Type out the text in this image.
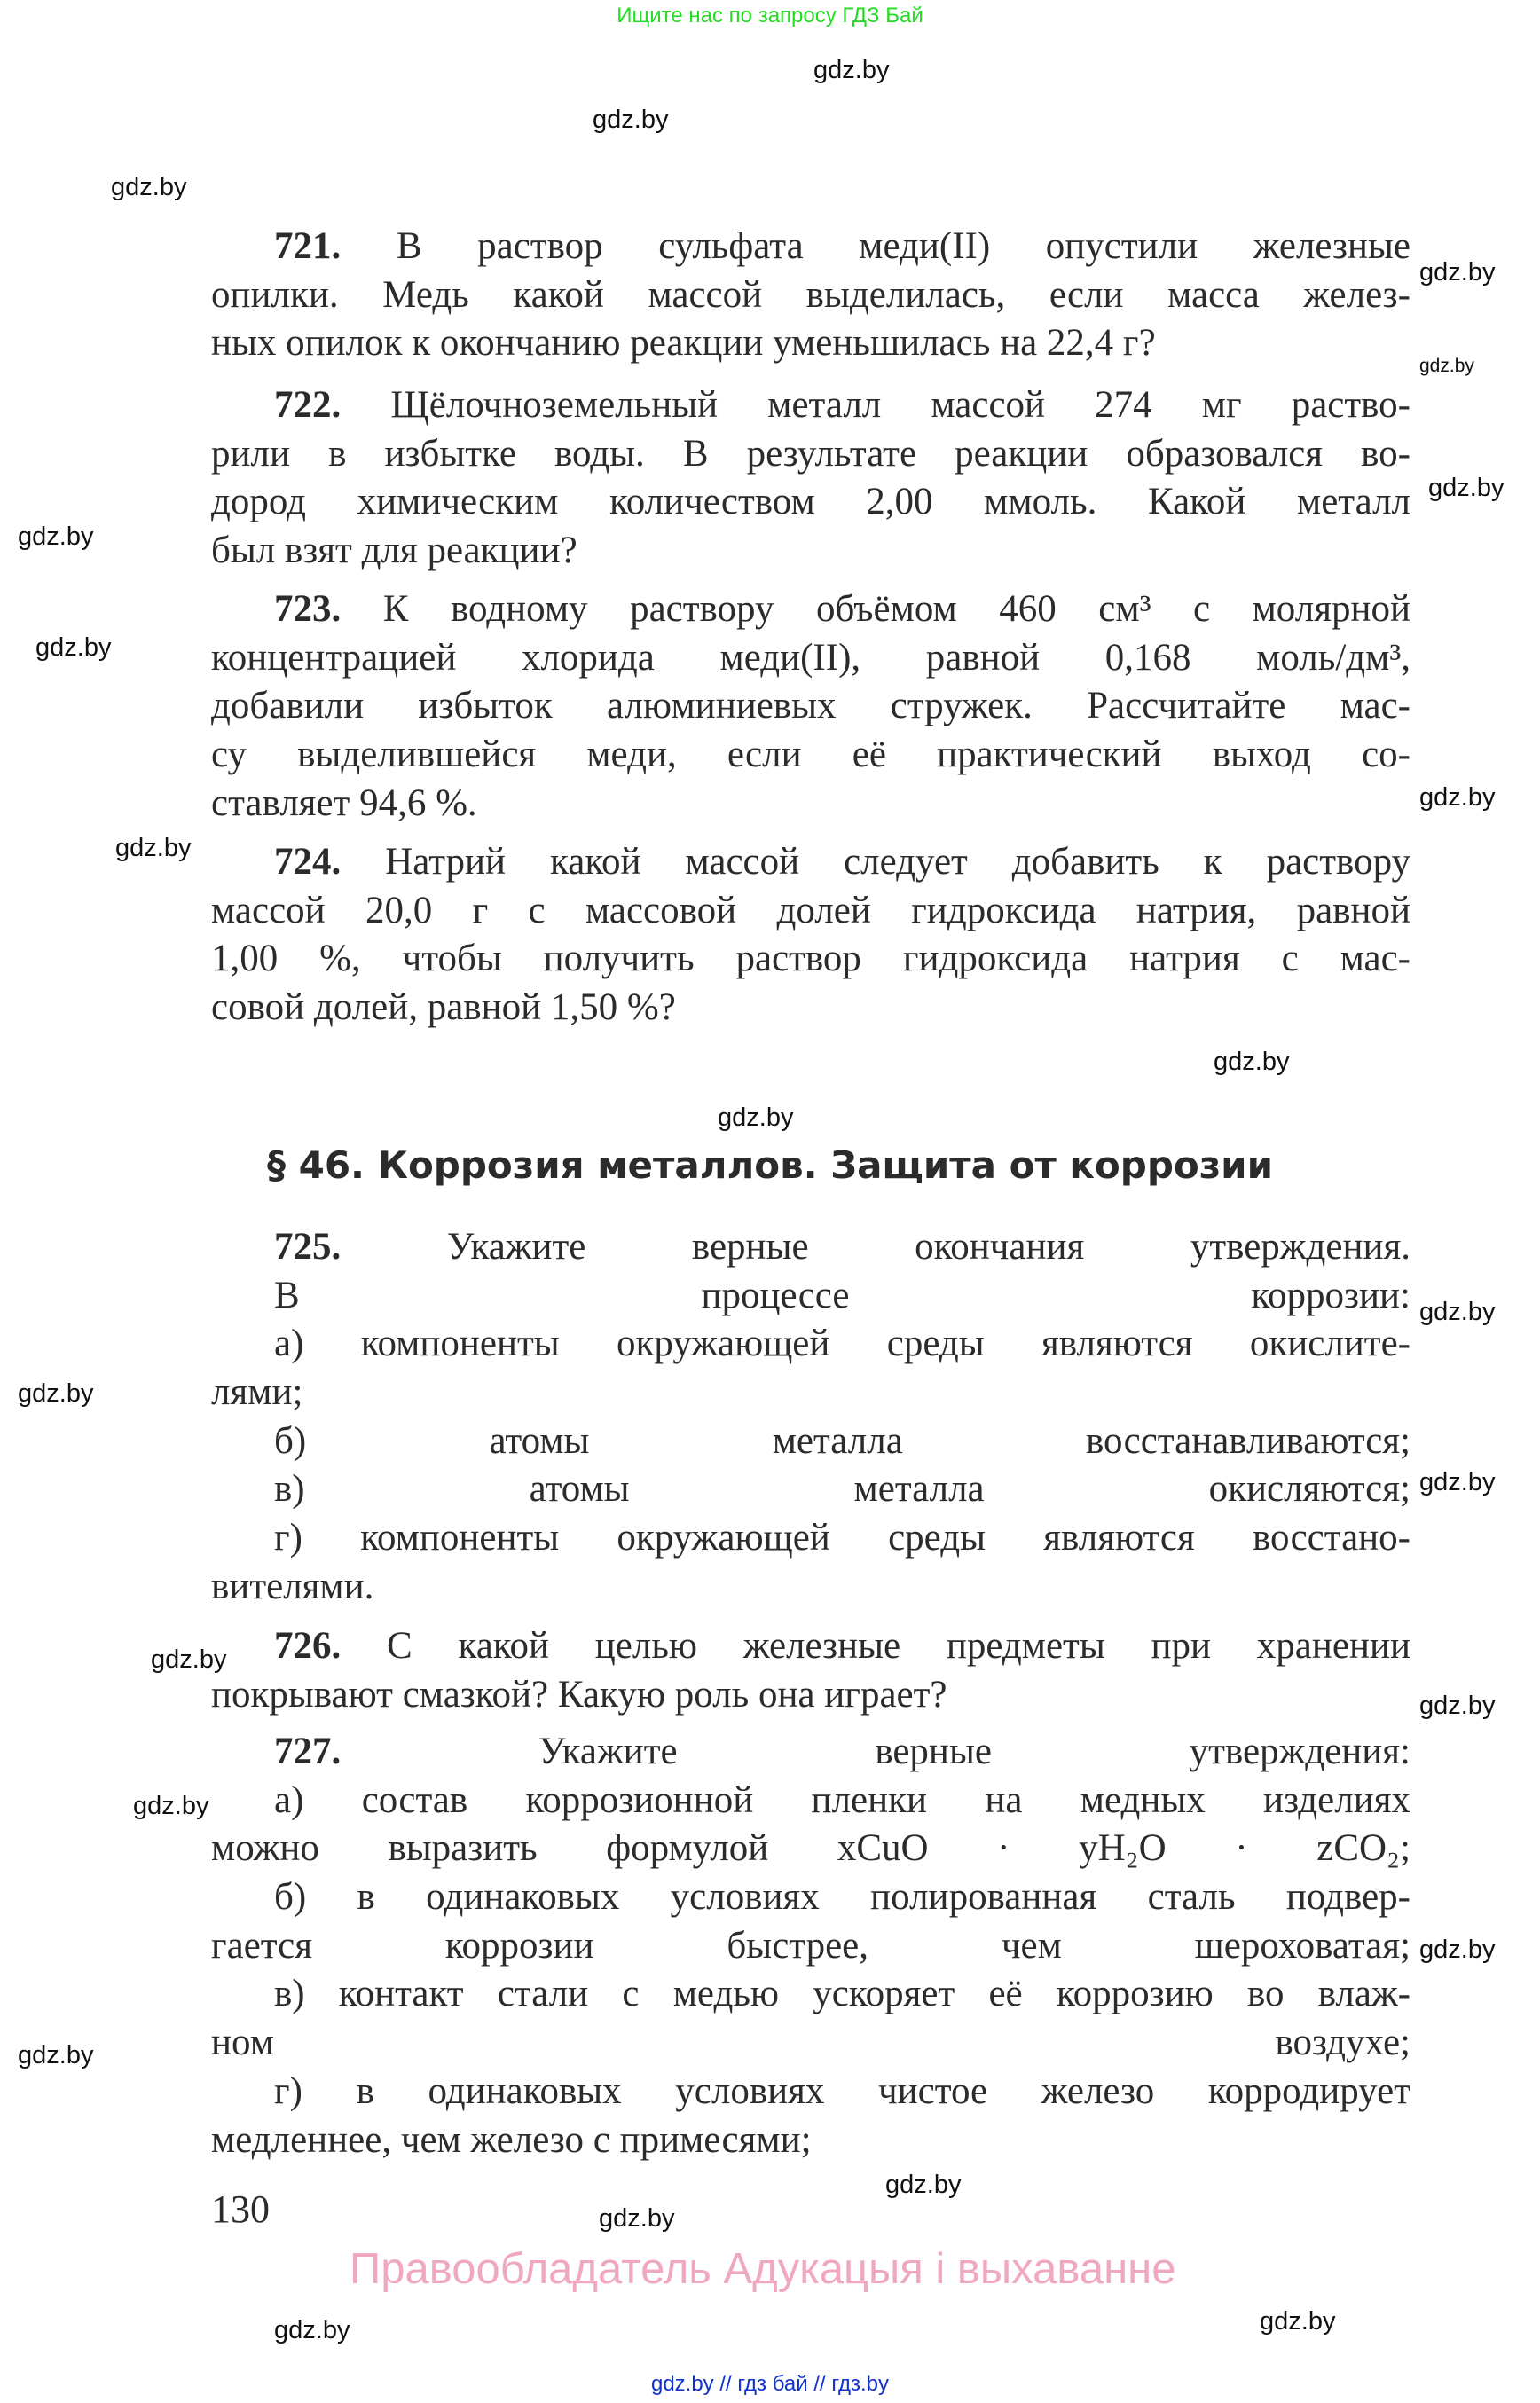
Ищите нас по запросу ГДЗ Бай
§ 46. Коррозия металлов. Защита от коррозии
130
Правообладатель Адукацыя і выхаванне
gdz.by // гдз бай // гдз.by
721. В раствор сульфата меди(II) опустили железные
опилки. Медь какой массой выделилась, если масса желез-
ных опилок к окончанию реакции уменьшилась на 22,4 г?
722. Щёлочноземельный металл массой 274 мг раство-
рили в избытке воды. В результате реакции образовался во-
дород химическим количеством 2,00 ммоль. Какой металл
был взят для реакции?
723. К водному раствору объёмом 460 см³ с молярной
концентрацией хлорида меди(II), равной 0,168 моль/дм³,
добавили избыток алюминиевых стружек. Рассчитайте мас-
су выделившейся меди, если её практический выход со-
ставляет 94,6 %.
724. Натрий какой массой следует добавить к раствору
массой 20,0 г с массовой долей гидроксида натрия, равной
1,00 %, чтобы получить раствор гидроксида натрия с мас-
совой долей, равной 1,50 %?
725.	Укажите верные окончания утверждения.
В процессе коррозии:
а) компоненты окружающей среды являются окислите-
лями;
б) атомы металла восстанавливаются;
в) атомы металла окисляются;
г) компоненты окружающей среды являются восстано-
вителями.
726. С какой целью железные предметы при хранении
покрывают смазкой? Какую роль она играет?
727.	Укажите верные утверждения:
а) состав коррозионной пленки на медных изделиях
можно выразить формулой xCuO · yH₂O · zCO₂;
б) в одинаковых условиях полированная сталь подвер-
гается коррозии быстрее, чем шероховатая;
в) контакт стали с медью ускоряет её коррозию во влаж-
ном воздухе;
г) в одинаковых условиях чистое железо корродирует
медленнее, чем железо с примесями;
gdz.by
gdz.by
gdz.by
gdz.by
gdz.by
gdz.by
gdz.by
gdz.by
gdz.by
gdz.by
gdz.by
gdz.by
gdz.by
gdz.by
gdz.by
gdz.by
gdz.by
gdz.by
gdz.by
gdz.by
gdz.by
gdz.by
gdz.by
gdz.by
